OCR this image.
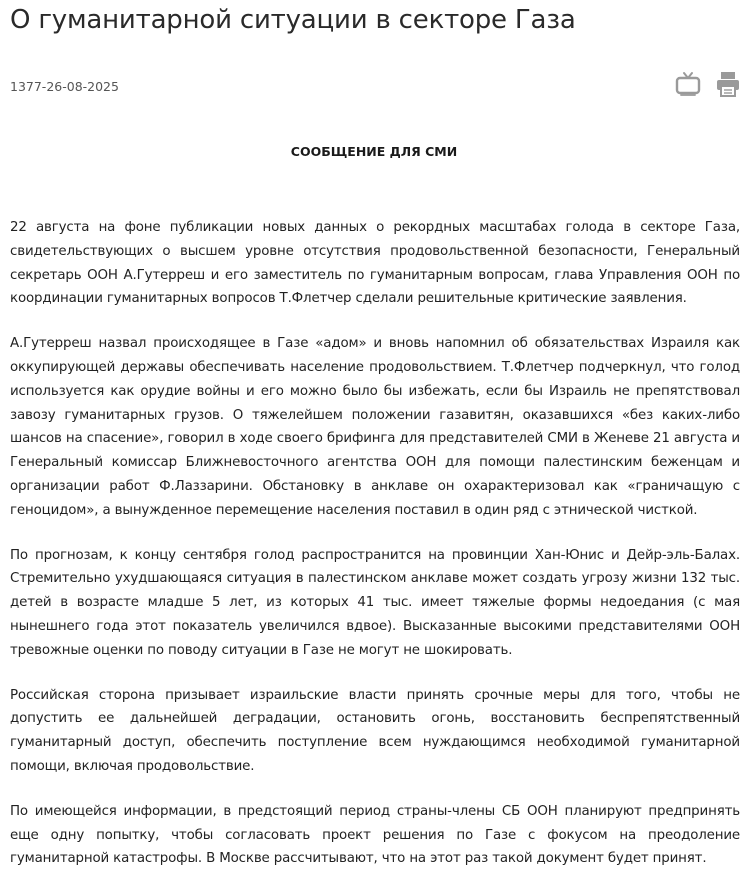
О гуманитарной ситуации в секторе Газа
1377-26-08-2025
СООБЩЕНИЕ ДЛЯ СМИ

22 августа на фоне публикации новых данных о рекордных масштабах голода в секторе Газа, свидетельствующих о высшем уровне отсутствия продовольственной безопасности, Генеральный секретарь ООН А.Гутерреш и его заместитель по гуманитарным вопросам, глава Управления ООН по координации гуманитарных вопросов Т.Флетчер сделали решительные критические заявления.

А.Гутерреш назвал происходящее в Газе «адом» и вновь напомнил об обязательствах Израиля как оккупирующей державы обеспечивать население продовольствием. Т.Флетчер подчеркнул, что голод используется как орудие войны и его можно было бы избежать, если бы Израиль не препятствовал завозу гуманитарных грузов. О тяжелейшем положении газавитян, оказавшихся «без каких-либо шансов на спасение», говорил в ходе своего брифинга для представителей СМИ в Женеве 21 августа и Генеральный комиссар Ближневосточного агентства ООН для помощи палестинским беженцам и организации работ Ф.Лаззарини. Обстановку в анклаве он охарактеризовал как «граничащую с геноцидом», а вынужденное перемещение населения поставил в один ряд с этнической чисткой.

По прогнозам, к концу сентября голод распространится на провинции Хан-Юнис и Дейр-эль-Балах. Стремительно ухудшающаяся ситуация в палестинском анклаве может создать угрозу жизни 132 тыс. детей в возрасте младше 5 лет, из которых 41 тыс. имеет тяжелые формы недоедания (с мая нынешнего года этот показатель увеличился вдвое). Высказанные высокими представителями ООН тревожные оценки по поводу ситуации в Газе не могут не шокировать.

Российская сторона призывает израильские власти принять срочные меры для того, чтобы не допустить ее дальнейшей деградации, остановить огонь, восстановить беспрепятственный гуманитарный доступ, обеспечить поступление всем нуждающимся необходимой гуманитарной помощи, включая продовольствие.

По имеющейся информации, в предстоящий период страны-члены СБ ООН планируют предпринять еще одну попытку, чтобы согласовать проект решения по Газе с фокусом на преодоление гуманитарной катастрофы. В Москве рассчитывают, что на этот раз такой документ будет принят.
